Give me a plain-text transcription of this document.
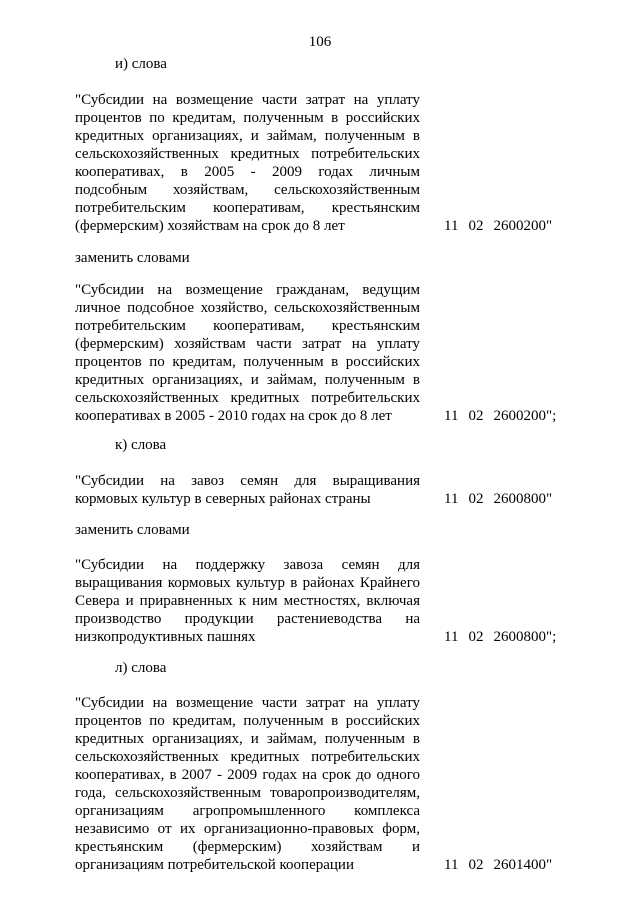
106
и) слова
"Субсидии на возмещение части затрат на уплату
процентов по кредитам, полученным в российских
кредитных организациях, и займам, полученным в
сельскохозяйственных кредитных потребительских
кооперативах, в 2005 - 2009 годах личным
подсобным хозяйствам, сельскохозяйственным
потребительским кооперативам, крестьянским
(фермерским) хозяйствам на срок до 8 лет	11 02 2600200"
заменить словами
"Субсидии на возмещение гражданам, ведущим
личное подсобное хозяйство, сельскохозяйственным
потребительским кооперативам, крестьянским
(фермерским) хозяйствам части затрат на уплату
процентов по кредитам, полученным в российских
кредитных организациях, и займам, полученным в
сельскохозяйственных кредитных потребительских
кооперативах в 2005 - 2010 годах на срок до 8 лет	11 02 2600200";
к) слова
"Субсидии на завоз семян для выращивания
кормовых культур в северных районах страны	11 02 2600800"
заменить словами
"Субсидии на поддержку завоза семян для
выращивания кормовых культур в районах Крайнего
Севера и приравненных к ним местностях, включая
производство продукции растениеводства на
низкопродуктивных пашнях	11 02 2600800";
л) слова
"Субсидии на возмещение части затрат на уплату
процентов по кредитам, полученным в российских
кредитных организациях, и займам, полученным в
сельскохозяйственных кредитных потребительских
кооперативах, в 2007 - 2009 годах на срок до одного
года, сельскохозяйственным товаропроизводителям,
организациям агропромышленного комплекса
независимо от их организационно-правовых форм,
крестьянским (фермерским) хозяйствам и
организациям потребительской кооперации	11 02 2601400"
